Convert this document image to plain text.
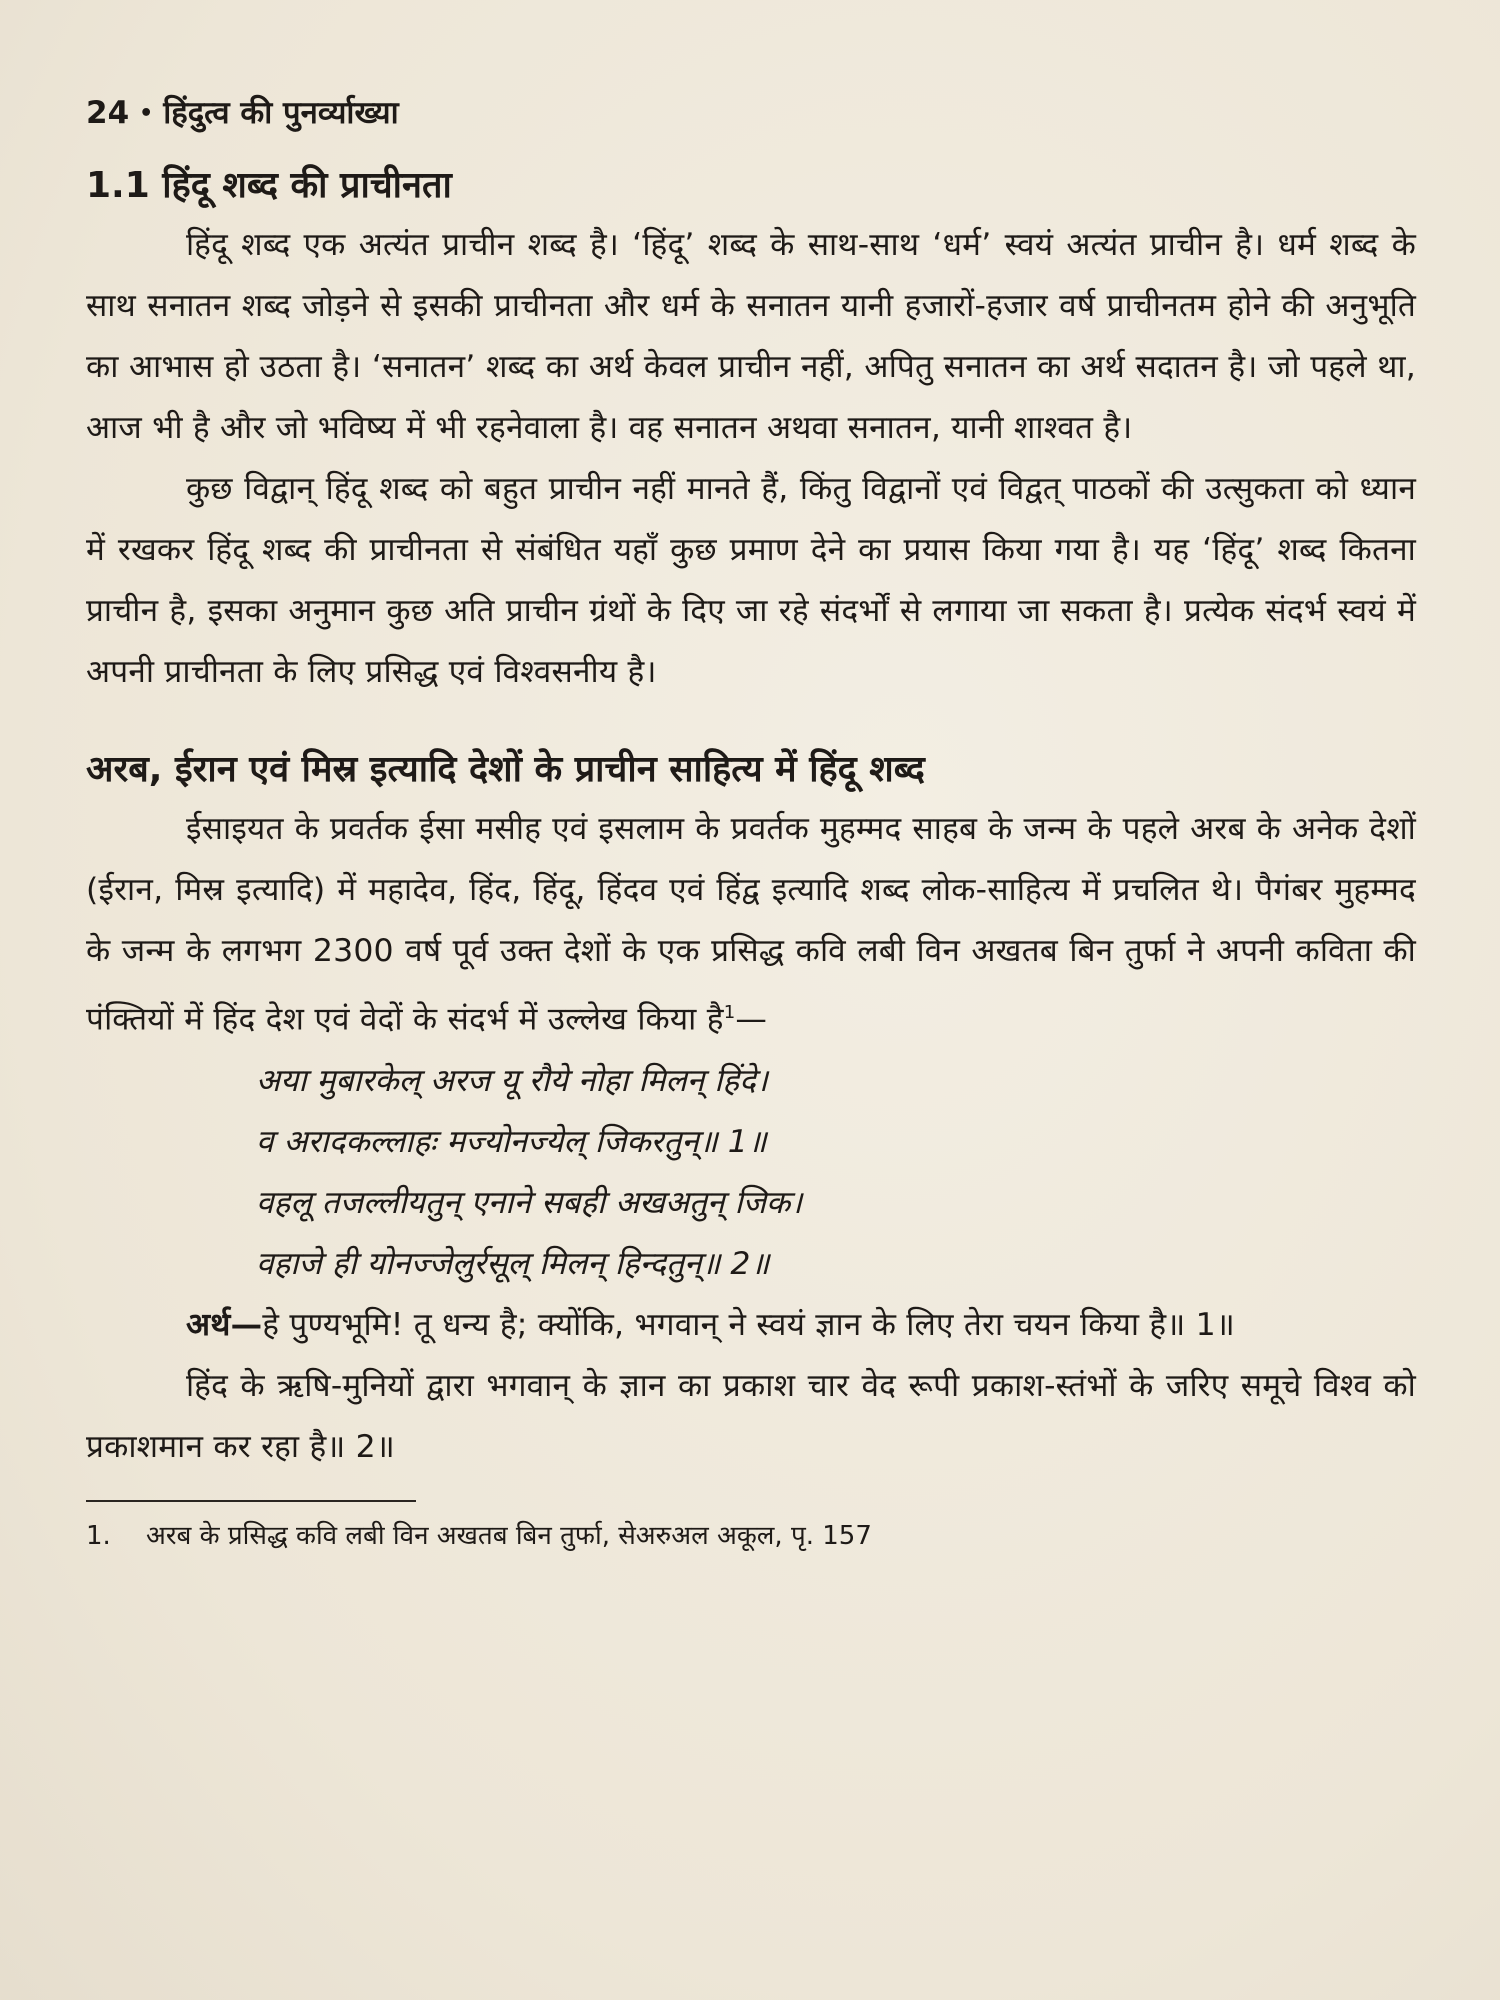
24 • हिंदुत्व की पुनर्व्याख्या
1.1 हिंदू शब्द की प्राचीनता

हिंदू शब्द एक अत्यंत प्राचीन शब्द है। ‘हिंदू’ शब्द के साथ-साथ ‘धर्म’ स्वयं अत्यंत प्राचीन है। धर्म शब्द के साथ सनातन शब्द जोड़ने से इसकी प्राचीनता और धर्म के सनातन यानी हजारों-हजार वर्ष प्राचीनतम होने की अनुभूति का आभास हो उठता है। ‘सनातन’ शब्द का अर्थ केवल प्राचीन नहीं, अपितु सनातन का अर्थ सदातन है। जो पहले था, आज भी है और जो भविष्य में भी रहनेवाला है। वह सनातन अथवा सनातन, यानी शाश्वत है।

कुछ विद्वान् हिंदू शब्द को बहुत प्राचीन नहीं मानते हैं, किंतु विद्वानों एवं विद्वत् पाठकों की उत्सुकता को ध्यान में रखकर हिंदू शब्द की प्राचीनता से संबंधित यहाँ कुछ प्रमाण देने का प्रयास किया गया है। यह ‘हिंदू’ शब्द कितना प्राचीन है, इसका अनुमान कुछ अति प्राचीन ग्रंथों के दिए जा रहे संदर्भों से लगाया जा सकता है। प्रत्येक संदर्भ स्वयं में अपनी प्राचीनता के लिए प्रसिद्ध एवं विश्वसनीय है।

अरब, ईरान एवं मिस्र इत्यादि देशों के प्राचीन साहित्य में हिंदू शब्द

ईसाइयत के प्रवर्तक ईसा मसीह एवं इसलाम के प्रवर्तक मुहम्मद साहब के जन्म के पहले अरब के अनेक देशों (ईरान, मिस्र इत्यादि) में महादेव, हिंद, हिंदू, हिंदव एवं हिंद्व इत्यादि शब्द लोक-साहित्य में प्रचलित थे। पैगंबर मुहम्मद के जन्म के लगभग 2300 वर्ष पूर्व उक्त देशों के एक प्रसिद्ध कवि लबी विन अखतब बिन तुर्फा ने अपनी कविता की पंक्तियों में हिंद देश एवं वेदों के संदर्भ में उल्लेख किया है$^1$—

अया मुबारकेल् अरज यू रौये नोहा मिलन् हिंदे।
व अरादकल्लाहः मज्योनज्येल् जिकरतुन्॥ 1॥
वहलू तजल्लीयतुन् एनाने सबही अखअतुन् जिक।
वहाजे ही योनज्जेलुर्रसूल् मिलन् हिन्दतुन्॥ 2॥

अर्थ—हे पुण्यभूमि! तू धन्य है; क्योंकि, भगवान् ने स्वयं ज्ञान के लिए तेरा चयन किया है॥ 1॥

हिंद के ऋषि-मुनियों द्वारा भगवान् के ज्ञान का प्रकाश चार वेद रूपी प्रकाश-स्तंभों के जरिए समूचे विश्व को प्रकाशमान कर रहा है॥ 2॥

1. अरब के प्रसिद्ध कवि लबी विन अखतब बिन तुर्फा, सेअरुअल अकूल, पृ. 157
